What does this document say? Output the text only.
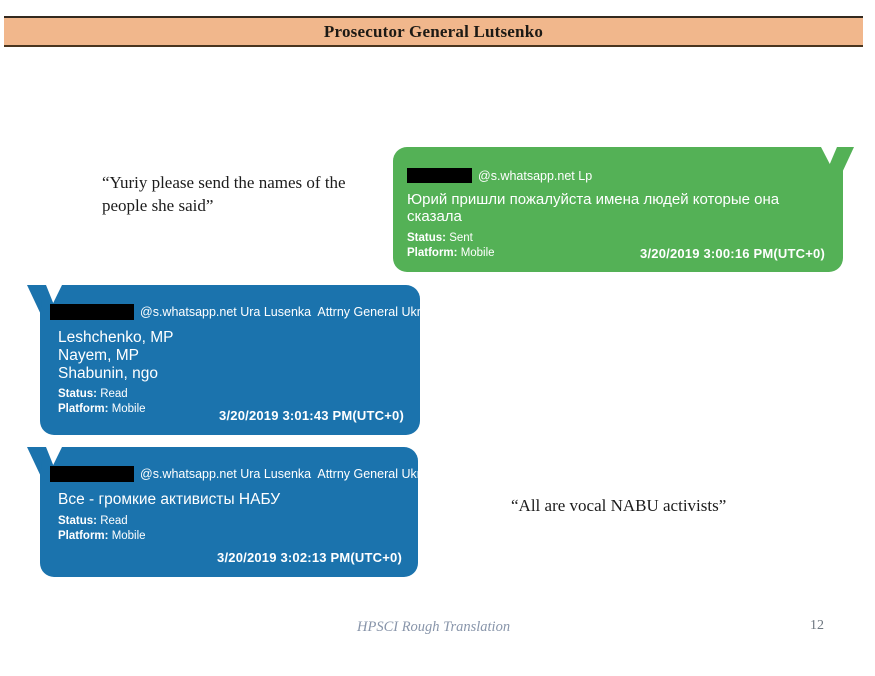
Prosecutor General Lutsenko
“Yuriy please send the names of the people she said”
@s.whatsapp.net Lp
Юрий пришли пожалуйста имена людей которые она сказала
Status: Sent
Platform: Mobile	3/20/2019 3:00:16 PM(UTC+0)
@s.whatsapp.net Ura Lusenka  Attrny General Ukraine
Leshchenko, MP
Nayem, MP
Shabunin, ngo
Status: Read
Platform: Mobile	3/20/2019 3:01:43 PM(UTC+0)
@s.whatsapp.net Ura Lusenka  Attrny General Ukraine
Все - громкие активисты НАБУ
Status: Read
Platform: Mobile
3/20/2019 3:02:13 PM(UTC+0)
“All are vocal NABU activists”
HPSCI Rough Translation	12
